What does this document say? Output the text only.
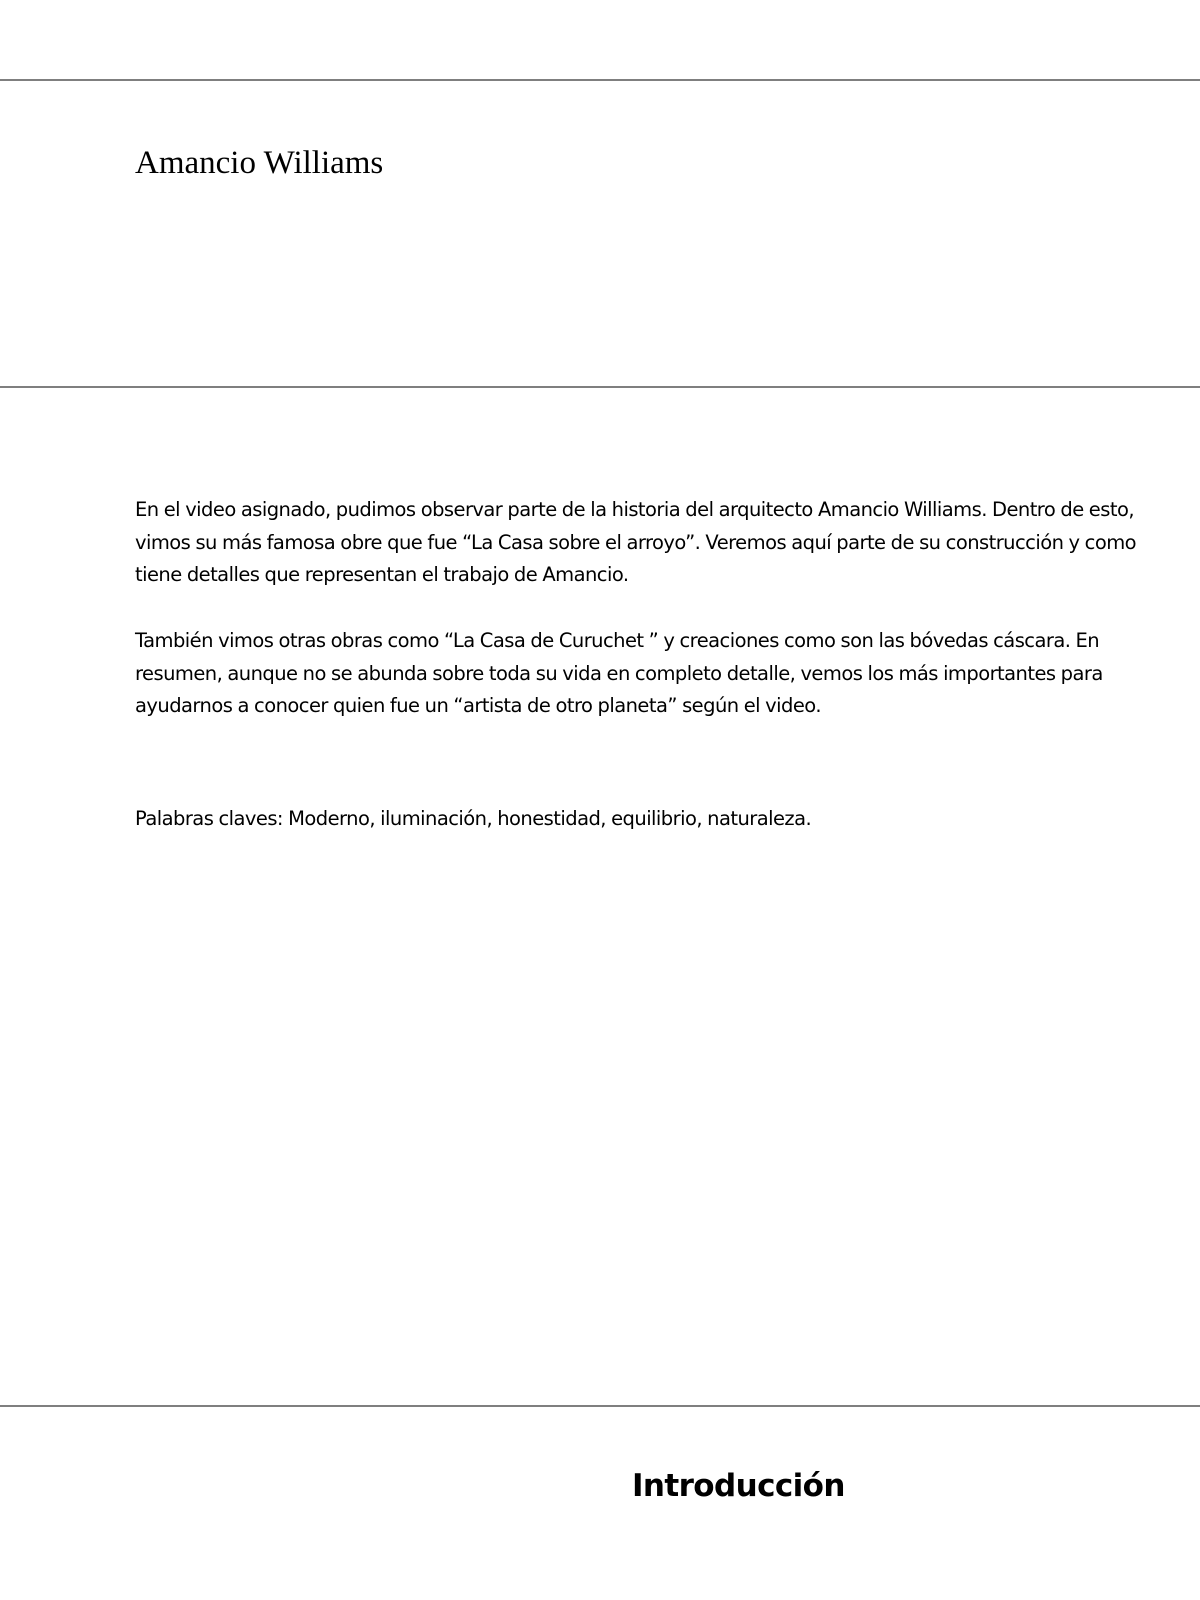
Amancio Williams

En el video asignado, pudimos observar parte de la historia del arquitecto Amancio Williams. Dentro de esto, vimos su más famosa obre que fue “La Casa sobre el arroyo”. Veremos aquí parte de su construcción y como tiene detalles que representan el trabajo de Amancio.

También vimos otras obras como “La Casa de Curuchet ” y creaciones como son las bóvedas cáscara. En resumen, aunque no se abunda sobre toda su vida en completo detalle, vemos los más importantes para ayudarnos a conocer quien fue un “artista de otro planeta” según el video.

Palabras claves: Moderno, iluminación, honestidad, equilibrio, naturaleza.

Introducción
